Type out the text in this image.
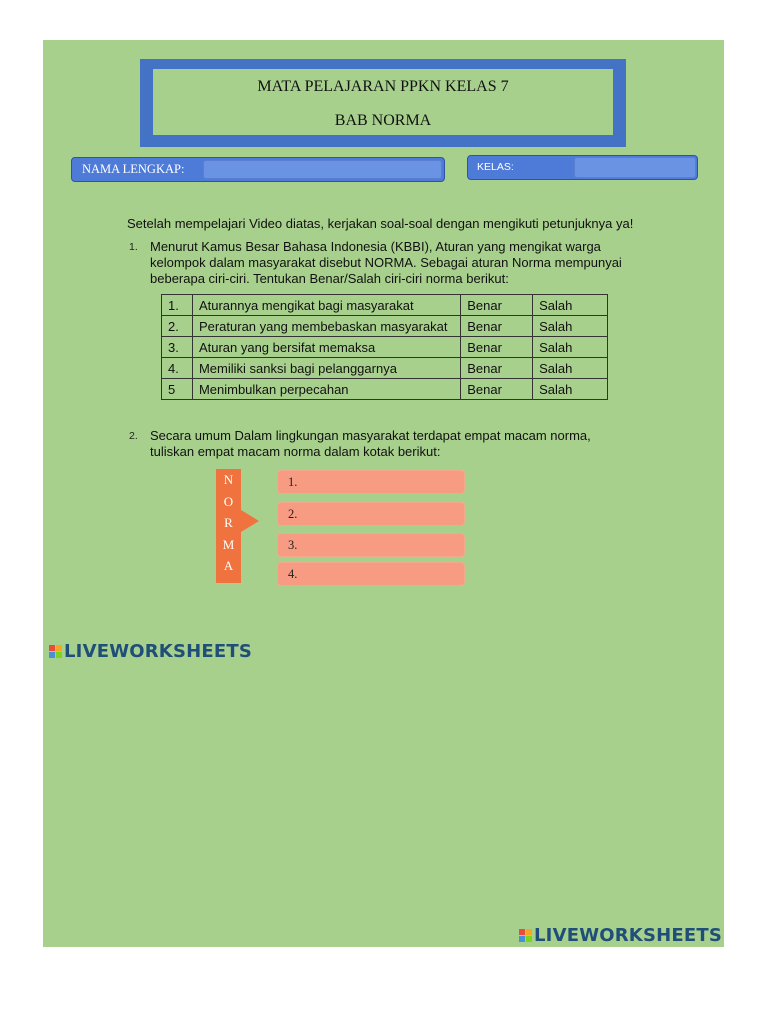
MATA PELAJARAN PPKN KELAS 7
BAB NORMA
NAMA LENGKAP:	KELAS:
Setelah mempelajari Video diatas, kerjakan soal-soal dengan mengikuti petunjuknya ya!
1. Menurut Kamus Besar Bahasa Indonesia (KBBI), Aturan yang mengikat warga
kelompok dalam masyarakat disebut NORMA. Sebagai aturan Norma mempunyai
beberapa ciri-ciri. Tentukan Benar/Salah ciri-ciri norma berikut:
1.	Aturannya mengikat bagi masyarakat	Benar	Salah
2.	Peraturan yang membebaskan masyarakat	Benar	Salah
3.	Aturan yang bersifat memaksa	Benar	Salah
4.	Memiliki sanksi bagi pelanggarnya	Benar	Salah
5	Menimbulkan perpecahan	Benar	Salah
2. Secara umum Dalam lingkungan masyarakat terdapat empat macam norma,
tuliskan empat macam norma dalam kotak berikut:
N
O
R
M
A
1.
2.
3.
4.
LIVEWORKSHEETS
LIVEWORKSHEETS
